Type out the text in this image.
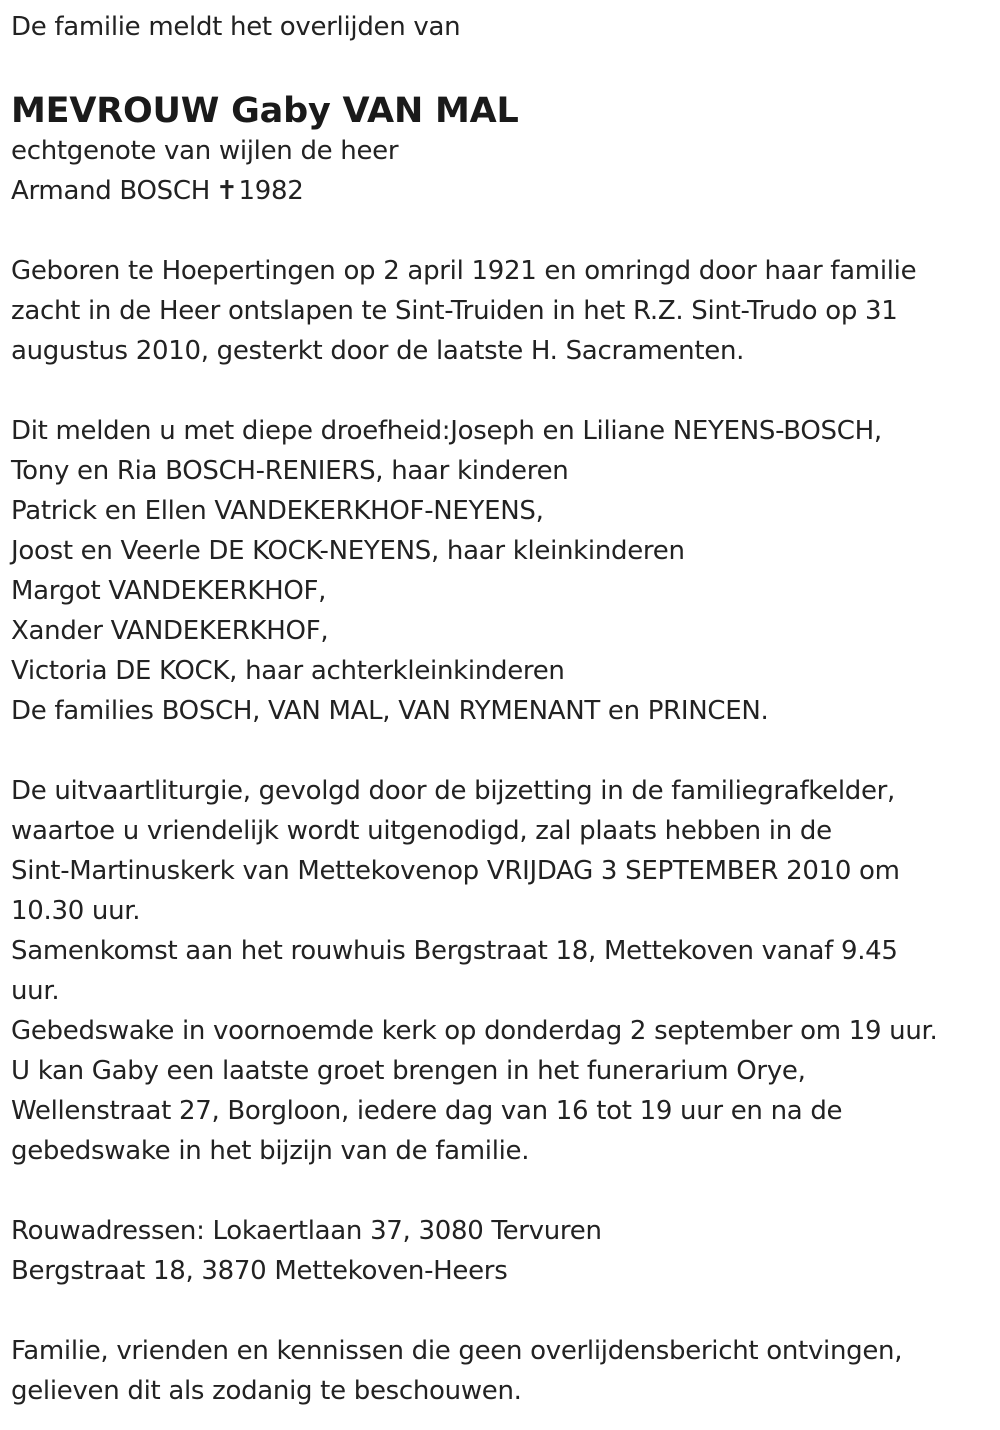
De familie meldt het overlijden van
MEVROUW Gaby VAN MAL
echtgenote van wijlen de heer
Armand BOSCH ✝1982
Geboren te Hoepertingen op 2 april 1921 en omringd door haar familie
zacht in de Heer ontslapen te Sint-Truiden in het R.Z. Sint-Trudo op 31
augustus 2010, gesterkt door de laatste H. Sacramenten.
Dit melden u met diepe droefheid:Joseph en Liliane NEYENS-BOSCH,
Tony en Ria BOSCH-RENIERS, haar kinderen
Patrick en Ellen VANDEKERKHOF-NEYENS,
Joost en Veerle DE KOCK-NEYENS, haar kleinkinderen
Margot VANDEKERKHOF,
Xander VANDEKERKHOF,
Victoria DE KOCK, haar achterkleinkinderen
De families BOSCH, VAN MAL, VAN RYMENANT en PRINCEN.
De uitvaartliturgie, gevolgd door de bijzetting in de familiegrafkelder,
waartoe u vriendelijk wordt uitgenodigd, zal plaats hebben in de
Sint-Martinuskerk van Mettekovenop VRIJDAG 3 SEPTEMBER 2010 om
10.30 uur.
Samenkomst aan het rouwhuis Bergstraat 18, Mettekoven vanaf 9.45
uur.
Gebedswake in voornoemde kerk op donderdag 2 september om 19 uur.
U kan Gaby een laatste groet brengen in het funerarium Orye,
Wellenstraat 27, Borgloon, iedere dag van 16 tot 19 uur en na de
gebedswake in het bijzijn van de familie.
Rouwadressen: Lokaertlaan 37, 3080 Tervuren
Bergstraat 18, 3870 Mettekoven-Heers
Familie, vrienden en kennissen die geen overlijdensbericht ontvingen,
gelieven dit als zodanig te beschouwen.
